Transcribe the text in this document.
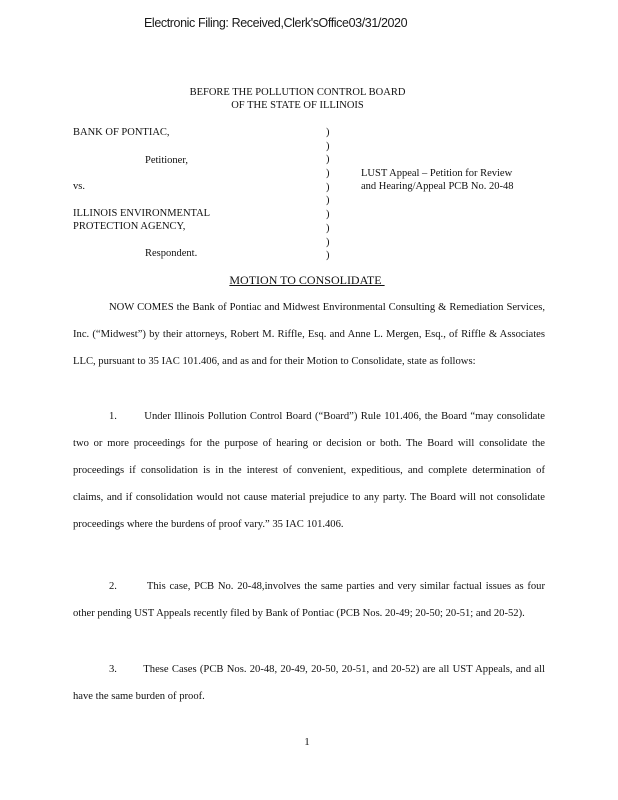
Electronic Filing: Received,Clerk'sOffice03/31/2020
BEFORE THE POLLUTION CONTROL BOARD
OF THE STATE OF ILLINOIS
BANK OF PONTIAC,
Petitioner,
vs.
ILLINOIS ENVIRONMENTAL
PROTECTION AGENCY,
Respondent.
)
)
)
)
)
)
)
)
)
)
LUST Appeal – Petition for Review
and Hearing/Appeal PCB No. 20-48
MOTION TO CONSOLIDATE

NOW COMES the Bank of Pontiac and Midwest Environmental Consulting & Remediation Services, Inc. (“Midwest”) by their attorneys, Robert M. Riffle, Esq. and Anne L. Mergen, Esq., of Riffle & Associates LLC, pursuant to 35 IAC 101.406, and as and for their Motion to Consolidate, state as follows:

1.        Under Illinois Pollution Control Board (“Board”) Rule 101.406, the Board “may consolidate two or more proceedings for the purpose of hearing or decision or both. The Board will consolidate the proceedings if consolidation is in the interest of convenient, expeditious, and complete determination of claims, and if consolidation would not cause material prejudice to any party. The Board will not consolidate proceedings where the burdens of proof vary.” 35 IAC 101.406.

2.        This case, PCB No. 20-48,involves the same parties and very similar factual issues as four other pending UST Appeals recently filed by Bank of Pontiac (PCB Nos. 20-49; 20-50; 20-51; and 20-52).

3.        These Cases (PCB Nos. 20-48, 20-49, 20-50, 20-51, and 20-52) are all UST Appeals, and all have the same burden of proof.

1
